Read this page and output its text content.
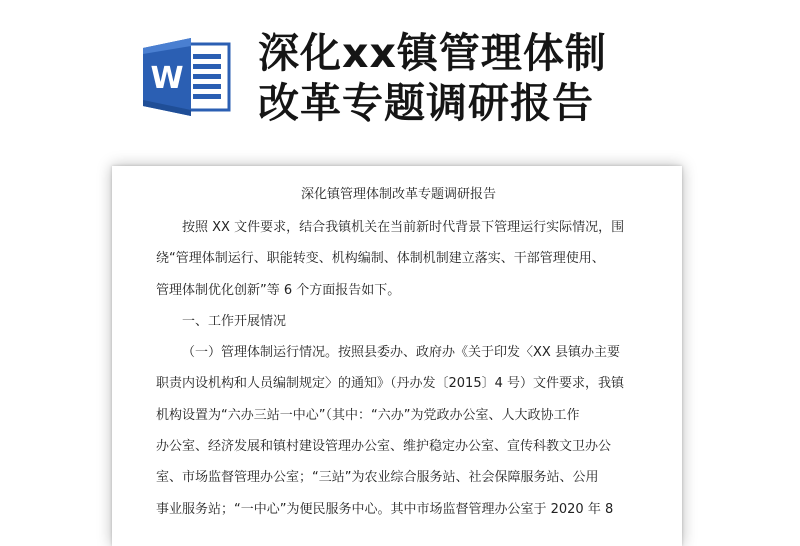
W
深化xx镇管理体制
改革专题调研报告
深化镇管理体制改革专题调研报告
按照 XX 文件要求，结合我镇机关在当前新时代背景下管理运行实际情况，围
绕“管理体制运行、职能转变、机构编制、体制机制建立落实、干部管理使用、
管理体制优化创新”等 6 个方面报告如下。
一、工作开展情况
（一）管理体制运行情况。按照县委办、政府办《关于印发〈XX 县镇办主要
职责内设机构和人员编制规定〉的通知》（丹办发〔2015〕4 号）文件要求，我镇
机构设置为“六办三站一中心”（其中：“六办”为党政办公室、人大政协工作
办公室、经济发展和镇村建设管理办公室、维护稳定办公室、宣传科教文卫办公
室、市场监督管理办公室；“三站”为农业综合服务站、社会保障服务站、公用
事业服务站；“一中心”为便民服务中心。其中市场监督管理办公室于 2020 年 8
